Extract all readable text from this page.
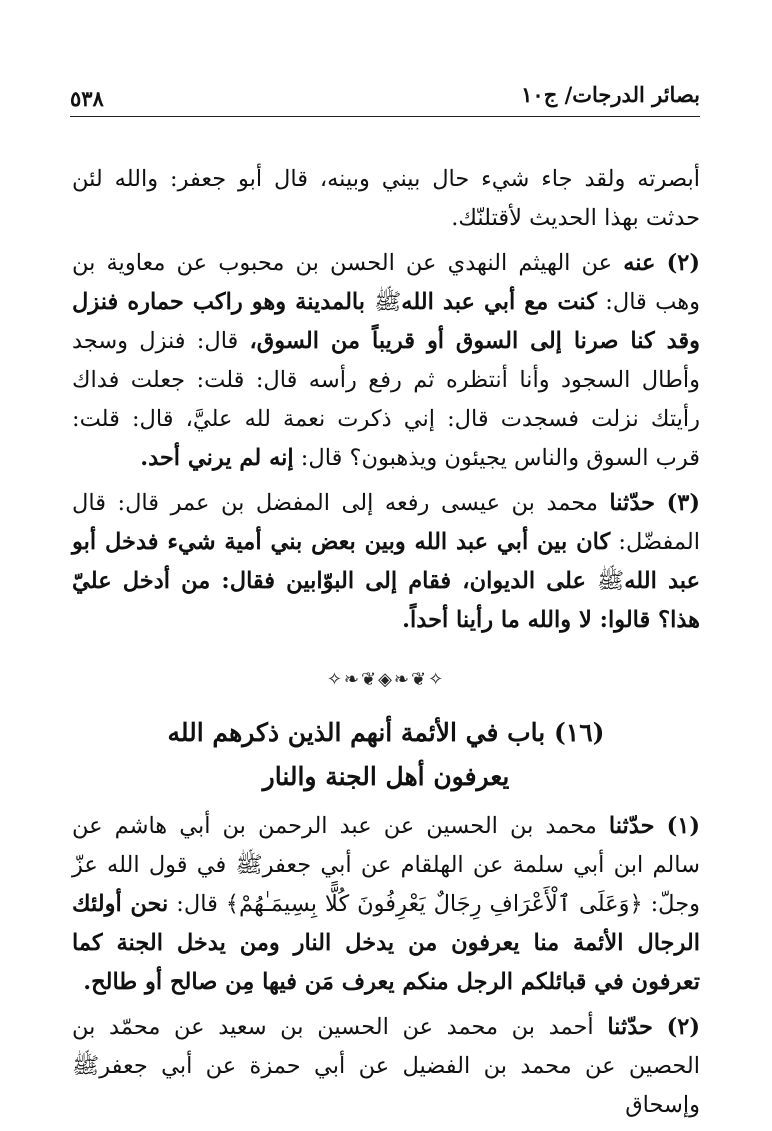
بصائر الدرجات/ ج١٠
٥٣٨

أبصرته ولقد جاء شيء حال بيني وبينه، قال أبو جعفر: والله لئن حدثت بهذا الحديث لأقتلنّك.

(٢) عنه عن الهيثم النهدي عن الحسن بن محبوب عن معاوية بن وهب قال: كنت مع أبي عبد اللهﷺ بالمدينة وهو راكب حماره فنزل وقد كنا صرنا إلى السوق أو قريباً من السوق، قال: فنزل وسجد وأطال السجود وأنا أنتظره ثم رفع رأسه قال: قلت: جعلت فداك رأيتك نزلت فسجدت قال: إني ذكرت نعمة لله عليَّ، قال: قلت: قرب السوق والناس يجيئون ويذهبون؟ قال: إنه لم يرني أحد.

(٣) حدّثنا محمد بن عيسى رفعه إلى المفضل بن عمر قال: قال المفضّل: كان بين أبي عبد الله وبين بعض بني أمية شيء فدخل أبو عبد اللهﷺ على الديوان، فقام إلى البوّابين فقال: من أدخل عليّ هذا؟ قالوا: لا والله ما رأينا أحداً.

✧❦❧◈❦❧✧
(١٦) باب في الأئمة أنهم الذين ذكرهم الله
يعرفون أهل الجنة والنار

(١) حدّثنا محمد بن الحسين عن عبد الرحمن بن أبي هاشم عن سالم ابن أبي سلمة عن الهلقام عن أبي جعفرﷺ في قول الله عزّ وجلّ: ﴿وَعَلَى ٱلْأَعْرَافِ رِجَالٌ يَعْرِفُونَ كُلًّا بِسِيمَـٰهُمْ﴾ قال: نحن أولئك الرجال الأئمة منا يعرفون من يدخل النار ومن يدخل الجنة كما تعرفون في قبائلكم الرجل منكم يعرف مَن فيها مِن صالح أو طالح.

(٢) حدّثنا أحمد بن محمد عن الحسين بن سعيد عن محمّد بن الحصين عن محمد بن الفضيل عن أبي حمزة عن أبي جعفرﷺ وإسحاق
